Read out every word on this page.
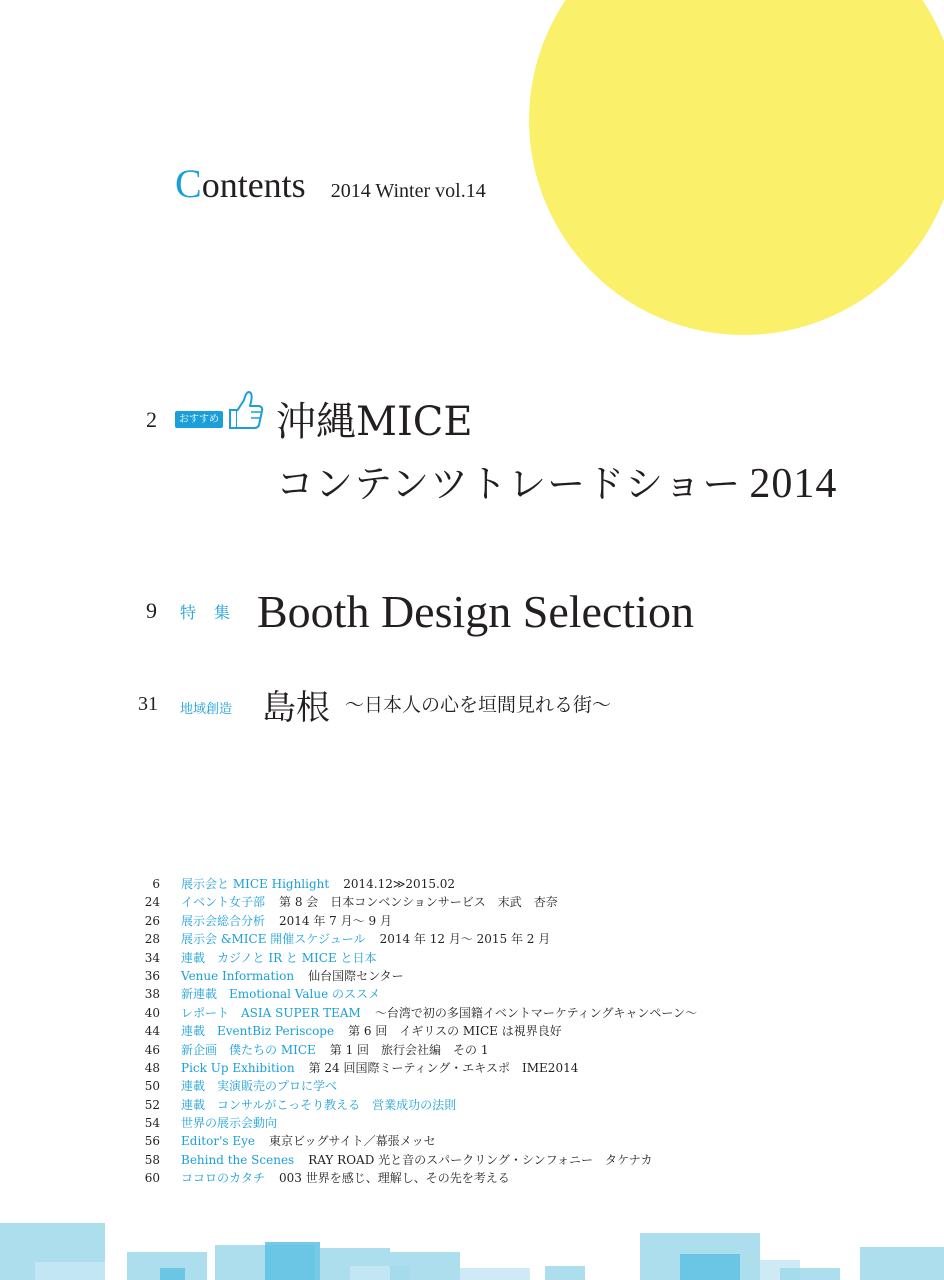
Contents 2014 Winter vol.14
2	おすすめ 沖縄MICE
コンテンツトレードショー 2014
9 特　集 Booth Design Selection
31 地域創造 島根 〜日本人の心を垣間見れる街〜
6 展示会と MICE Highlight 2014.12≫2015.02
24 イベント女子部 第 8 会　日本コンベンションサービス　末武　杏奈
26 展示会総合分析 2014 年 7 月〜 9 月
28 展示会 &MICE 開催スケジュール 2014 年 12 月〜 2015 年 2 月
34 連載　カジノと IR と MICE と日本
36 Venue Information 仙台国際センター
38 新連載　Emotional Value のススメ
40 レポート　ASIA SUPER TEAM 〜台湾で初の多国籍イベントマーケティングキャンペーン〜
44 連載　EventBiz Periscope 第 6 回　イギリスの MICE は視界良好
46 新企画　僕たちの MICE 第 1 回　旅行会社編　その 1
48 Pick Up Exhibition 第 24 回国際ミーティング・エキスポ　IME2014
50 連載　実演販売のプロに学べ
52 連載　コンサルがこっそり教える　営業成功の法則
54 世界の展示会動向
56 Editor's Eye 東京ビッグサイト／幕張メッセ
58 Behind the Scenes RAY ROAD 光と音のスパークリング・シンフォニー　タケナカ
60 ココロのカタチ 003 世界を感じ、理解し、その先を考える
